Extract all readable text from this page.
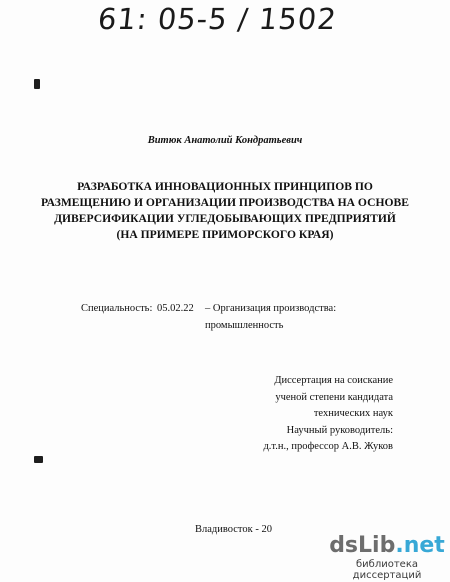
61: 05-5 / 1502
Витюк Анатолий Кондратьевич
РАЗРАБОТКА ИННОВАЦИОННЫХ ПРИНЦИПОВ ПО
РАЗМЕЩЕНИЮ И ОРГАНИЗАЦИИ ПРОИЗВОДСТВА НА ОСНОВЕ
ДИВЕРСИФИКАЦИИ УГЛЕДОБЫВАЮЩИХ ПРЕДПРИЯТИЙ
(НА ПРИМЕРЕ ПРИМОРСКОГО КРАЯ)
Специальность: 05.02.22 – Организация производства:
промышленность
Диссертация на соискание
ученой степени кандидата
технических наук
Научный руководитель:
д.т.н., профессор А.В. Жуков
Владивосток - 20
dsLib.net
библиотека диссертаций
